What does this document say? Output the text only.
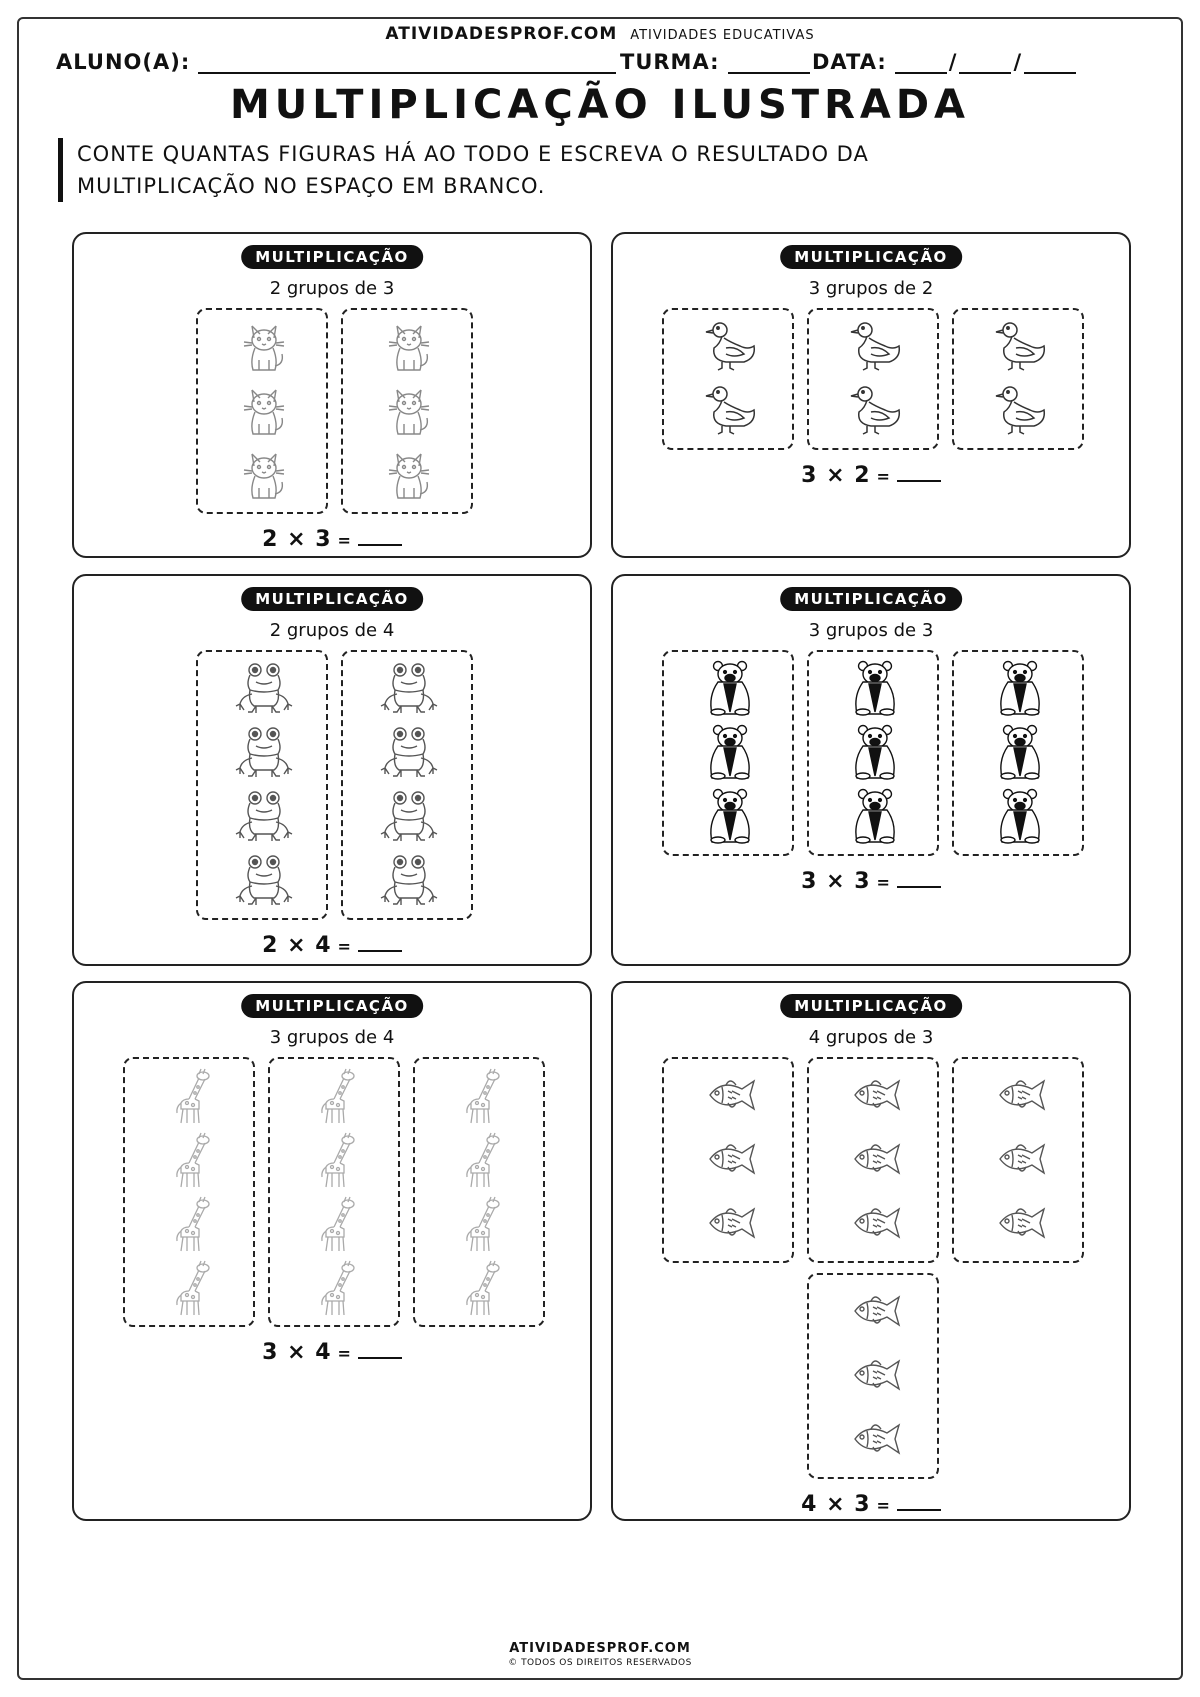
ATIVIDADESPROF.COM ATIVIDADES EDUCATIVAS
ALUNO(A):	TURMA:	DATA:	/	/
MULTIPLICAÇÃO ILUSTRADA
CONTE QUANTAS FIGURAS HÁ AO TODO E ESCREVA O RESULTADO DA
MULTIPLICAÇÃO NO ESPAÇO EM BRANCO.
MULTIPLICAÇÃO
2 grupos de 3
2 × 3 =
MULTIPLICAÇÃO
3 grupos de 2
3 × 2 =
MULTIPLICAÇÃO
2 grupos de 4
2 × 4 =
MULTIPLICAÇÃO
3 grupos de 3
3 × 3 =
MULTIPLICAÇÃO
3 grupos de 4
3 × 4 =
MULTIPLICAÇÃO
4 grupos de 3
4 × 3 =
ATIVIDADESPROF.COM
© TODOS OS DIREITOS RESERVADOS
